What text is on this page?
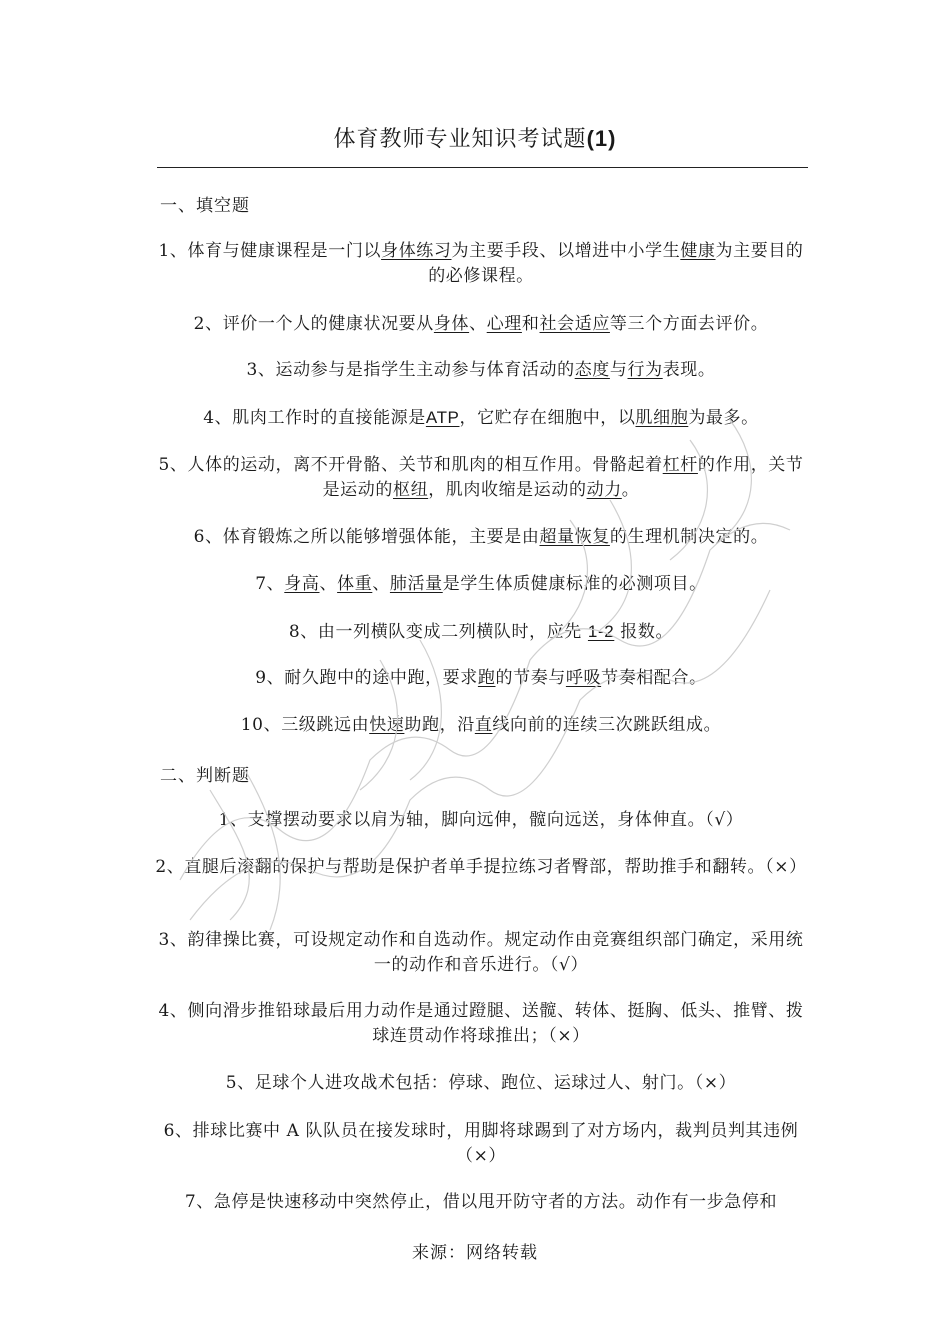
体育教师专业知识考试题(1)
一、填空题
1、体育与健康课程是一门以身体练习为主要手段、以增进中小学生健康为主要目的的必修课程。
2、评价一个人的健康状况要从身体、心理和社会适应等三个方面去评价。
3、运动参与是指学生主动参与体育活动的态度与行为表现。
4、肌肉工作时的直接能源是ATP，它贮存在细胞中，以肌细胞为最多。
5、人体的运动，离不开骨骼、关节和肌肉的相互作用。骨骼起着杠杆的作用，关节是运动的枢纽，肌肉收缩是运动的动力。
6、体育锻炼之所以能够增强体能，主要是由超量恢复的生理机制决定的。
7、身高、体重、肺活量是学生体质健康标准的必测项目。
8、由一列横队变成二列横队时，应先 1-2 报数。
9、耐久跑中的途中跑，要求跑的节奏与呼吸节奏相配合。
10、三级跳远由快速助跑，沿直线向前的连续三次跳跃组成。
二、判断题
1、支撑摆动要求以肩为轴，脚向远伸，髋向远送，身体伸直。（√）
2、直腿后滚翻的保护与帮助是保护者单手提拉练习者臀部，帮助推手和翻转。（×）
3、韵律操比赛，可设规定动作和自选动作。规定动作由竞赛组织部门确定，采用统一的动作和音乐进行。（√）
4、侧向滑步推铅球最后用力动作是通过蹬腿、送髋、转体、挺胸、低头、推臂、拨球连贯动作将球推出；（×）
5、足球个人进攻战术包括：停球、跑位、运球过人、射门。（×）
6、排球比赛中 A 队队员在接发球时，用脚将球踢到了对方场内，裁判员判其违例（×）
7、急停是快速移动中突然停止，借以甩开防守者的方法。动作有一步急停和
来源：网络转载
